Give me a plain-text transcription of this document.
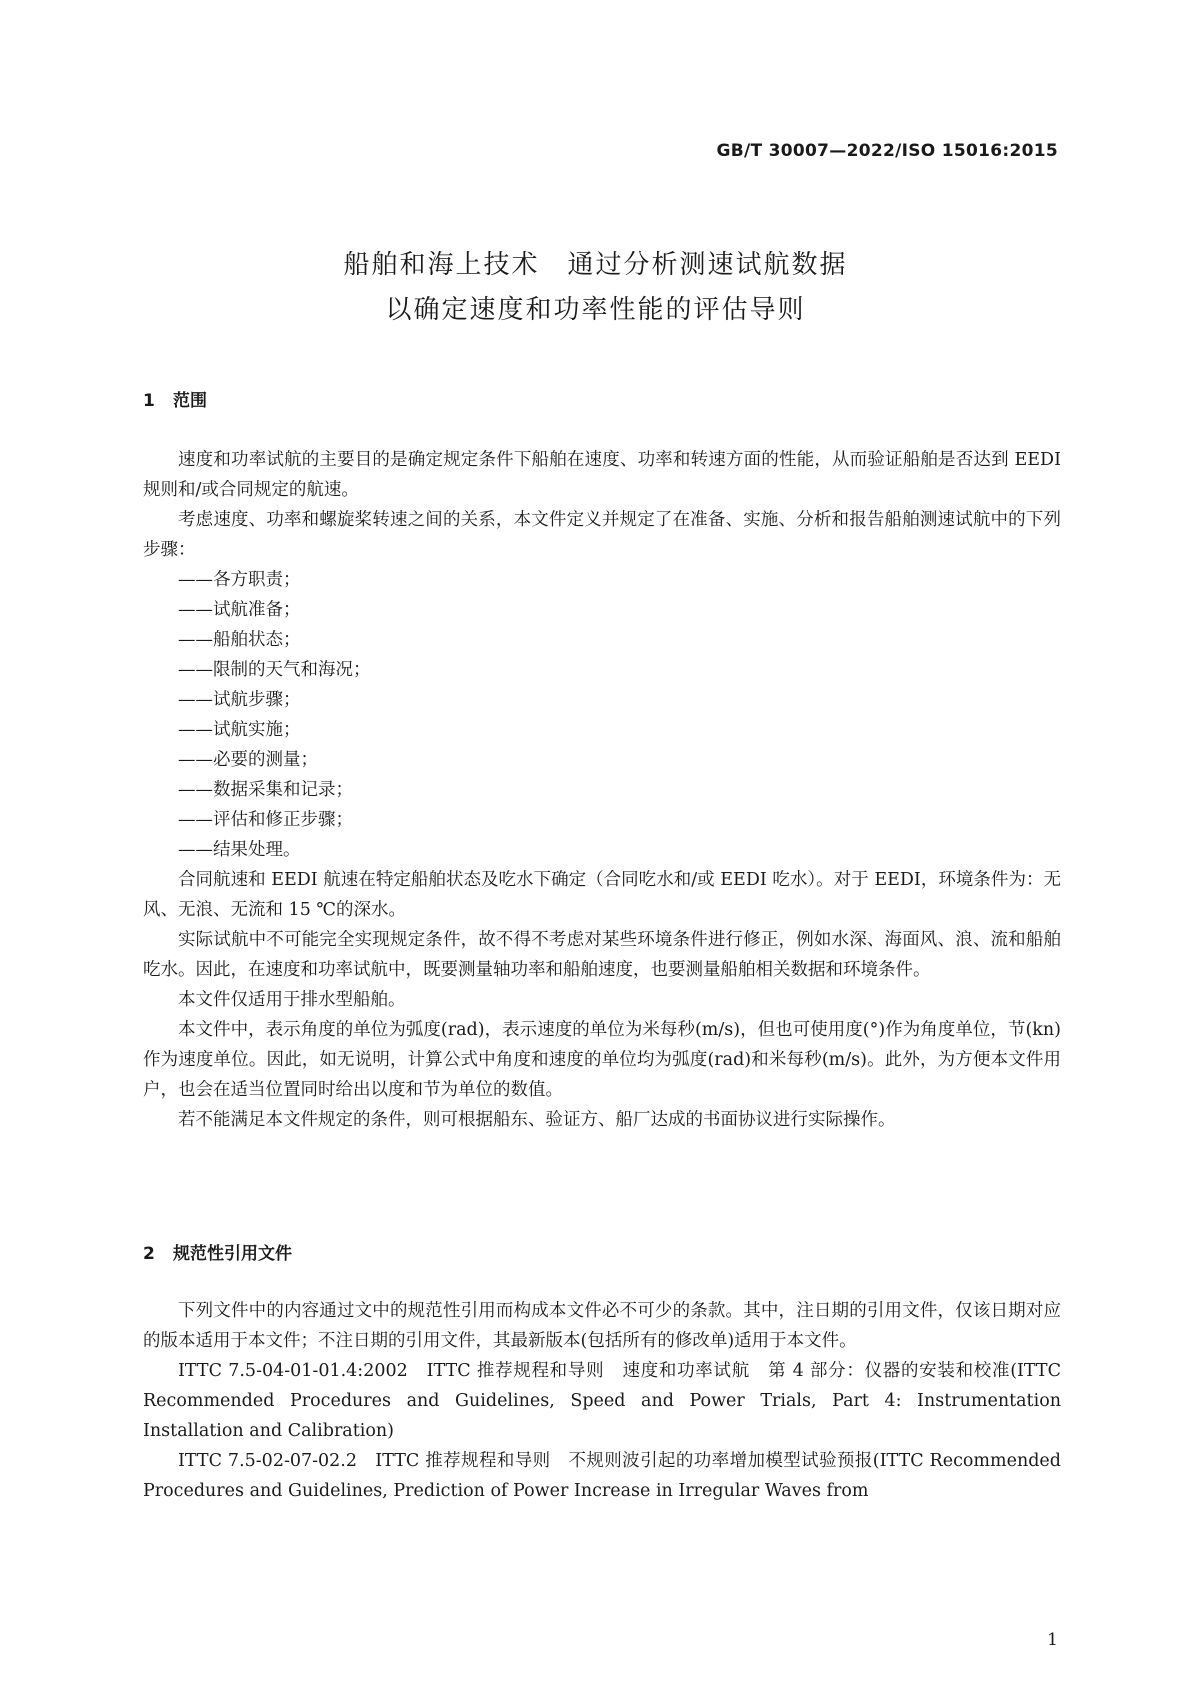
GB/T 30007—2022/ISO 15016:2015
船舶和海上技术　通过分析测速试航数据
以确定速度和功率性能的评估导则
1 范围

速度和功率试航的主要目的是确定规定条件下船舶在速度、功率和转速方面的性能，从而验证船舶是否达到 EEDI 规则和/或合同规定的航速。

考虑速度、功率和螺旋桨转速之间的关系，本文件定义并规定了在准备、实施、分析和报告船舶测速试航中的下列步骤：

——各方职责；

——试航准备；

——船舶状态；

——限制的天气和海况；

——试航步骤；

——试航实施；

——必要的测量；

——数据采集和记录；

——评估和修正步骤；

——结果处理。

合同航速和 EEDI 航速在特定船舶状态及吃水下确定（合同吃水和/或 EEDI 吃水）。对于 EEDI，环境条件为：无风、无浪、无流和 15 ℃的深水。

实际试航中不可能完全实现规定条件，故不得不考虑对某些环境条件进行修正，例如水深、海面风、浪、流和船舶吃水。因此，在速度和功率试航中，既要测量轴功率和船舶速度，也要测量船舶相关数据和环境条件。

本文件仅适用于排水型船舶。

本文件中，表示角度的单位为弧度(rad)，表示速度的单位为米每秒(m/s)，但也可使用度(°)作为角度单位，节(kn)作为速度单位。因此，如无说明，计算公式中角度和速度的单位均为弧度(rad)和米每秒(m/s)。此外，为方便本文件用户，也会在适当位置同时给出以度和节为单位的数值。

若不能满足本文件规定的条件，则可根据船东、验证方、船厂达成的书面协议进行实际操作。

2 规范性引用文件

下列文件中的内容通过文中的规范性引用而构成本文件必不可少的条款。其中，注日期的引用文件，仅该日期对应的版本适用于本文件；不注日期的引用文件，其最新版本(包括所有的修改单)适用于本文件。

ITTC 7.5-04-01-01.4:2002　ITTC 推荐规程和导则　速度和功率试航　第 4 部分：仪器的安装和校准(ITTC Recommended Procedures and Guidelines, Speed and Power Trials, Part 4: Instrumentation Installation and Calibration)

ITTC 7.5-02-07-02.2　ITTC 推荐规程和导则　不规则波引起的功率增加模型试验预报(ITTC Recommended Procedures and Guidelines, Prediction of Power Increase in Irregular Waves from

1
